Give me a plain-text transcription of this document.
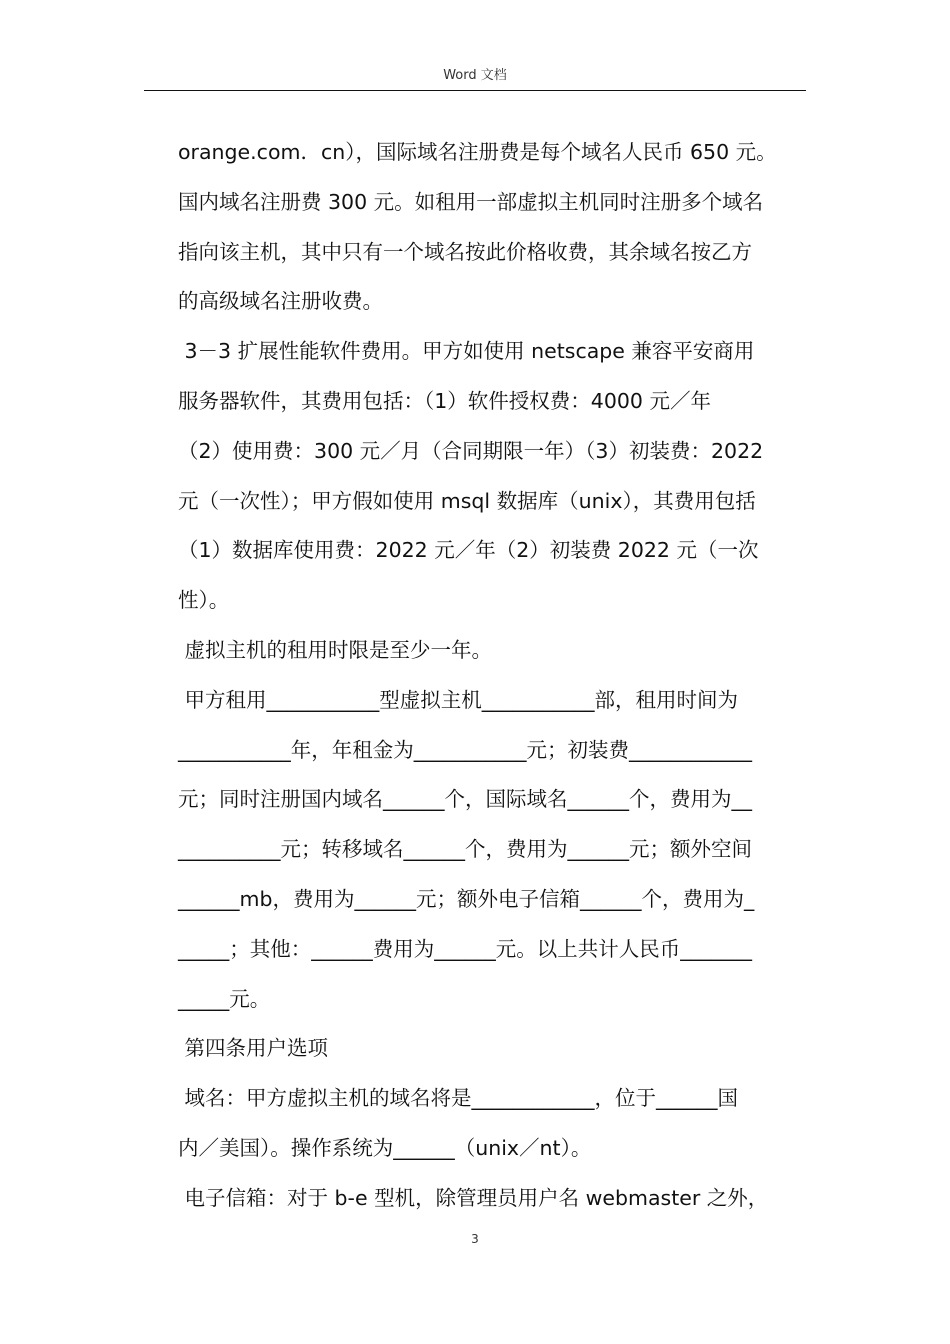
Word 文档
orange.com．cn），国际域名注册费是每个域名人民币 650 元。
国内域名注册费 300 元。如租用一部虚拟主机同时注册多个域名
指向该主机，其中只有一个域名按此价格收费，其余域名按乙方
的高级域名注册收费。
3－3 扩展性能软件费用。甲方如使用 netscape 兼容平安商用
服务器软件，其费用包括：（1）软件授权费：4000 元／年
（2）使用费：300 元／月（合同期限一年）（3）初装费：2022
元（一次性）；甲方假如使用 msql 数据库（unix），其费用包括
（1）数据库使用费：2022 元／年（2）初装费 2022 元（一次
性）。
虚拟主机的租用时限是至少一年。
甲方租用___________型虚拟主机___________部，租用时间为
___________年，年租金为___________元；初装费____________
元；同时注册国内域名______个，国际域名______个，费用为__
__________元；转移域名______个，费用为______元；额外空间
______mb，费用为______元；额外电子信箱______个，费用为_
_____；其他：______费用为______元。以上共计人民币_______
_____元。
第四条用户选项
域名：甲方虚拟主机的域名将是____________，位于______国
内／美国）。操作系统为______（unix／nt）。
电子信箱：对于 b-e 型机，除管理员用户名 webmaster 之外，
3
